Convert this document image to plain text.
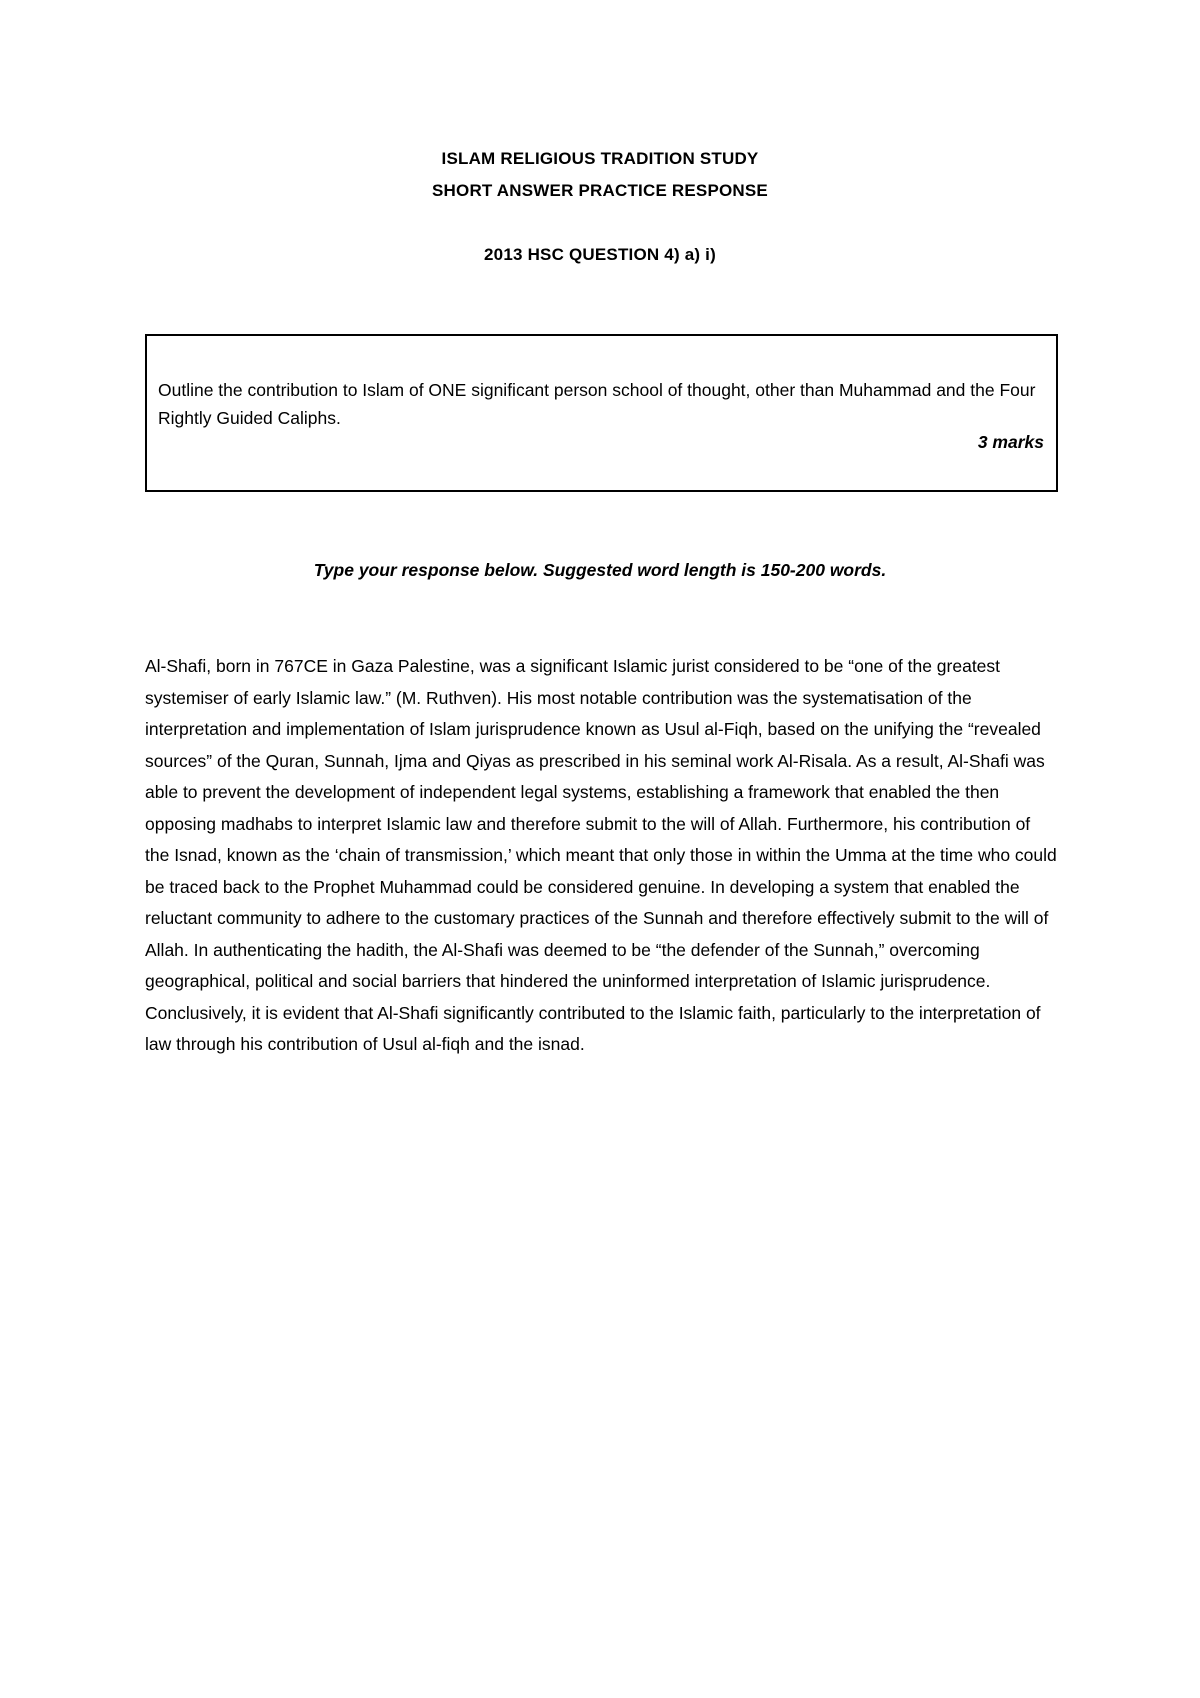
ISLAM RELIGIOUS TRADITION STUDY
SHORT ANSWER PRACTICE RESPONSE
2013 HSC QUESTION 4) a) i)
Outline the contribution to Islam of ONE significant person school of thought, other than Muhammad and the Four Rightly Guided Caliphs.
3 marks
Type your response below. Suggested word length is 150-200 words.
Al-Shafi, born in 767CE in Gaza Palestine, was a significant Islamic jurist considered to be “one of the greatest systemiser of early Islamic law.” (M. Ruthven). His most notable contribution was the systematisation of the interpretation and implementation of Islam jurisprudence known as Usul al-Fiqh, based on the unifying the “revealed sources” of the Quran, Sunnah, Ijma and Qiyas as prescribed in his seminal work Al-Risala. As a result, Al-Shafi was able to prevent the development of independent legal systems, establishing a framework that enabled the then opposing madhabs to interpret Islamic law and therefore submit to the will of Allah. Furthermore, his contribution of the Isnad, known as the ‘chain of transmission,’ which meant that only those in within the Umma at the time who could be traced back to the Prophet Muhammad could be considered genuine. In developing a system that enabled the reluctant community to adhere to the customary practices of the Sunnah and therefore effectively submit to the will of Allah. In authenticating the hadith, the Al-Shafi was deemed to be “the defender of the Sunnah,” overcoming geographical, political and social barriers that hindered the uninformed interpretation of Islamic jurisprudence. Conclusively, it is evident that Al-Shafi significantly contributed to the Islamic faith, particularly to the interpretation of law through his contribution of Usul al-fiqh and the isnad.
